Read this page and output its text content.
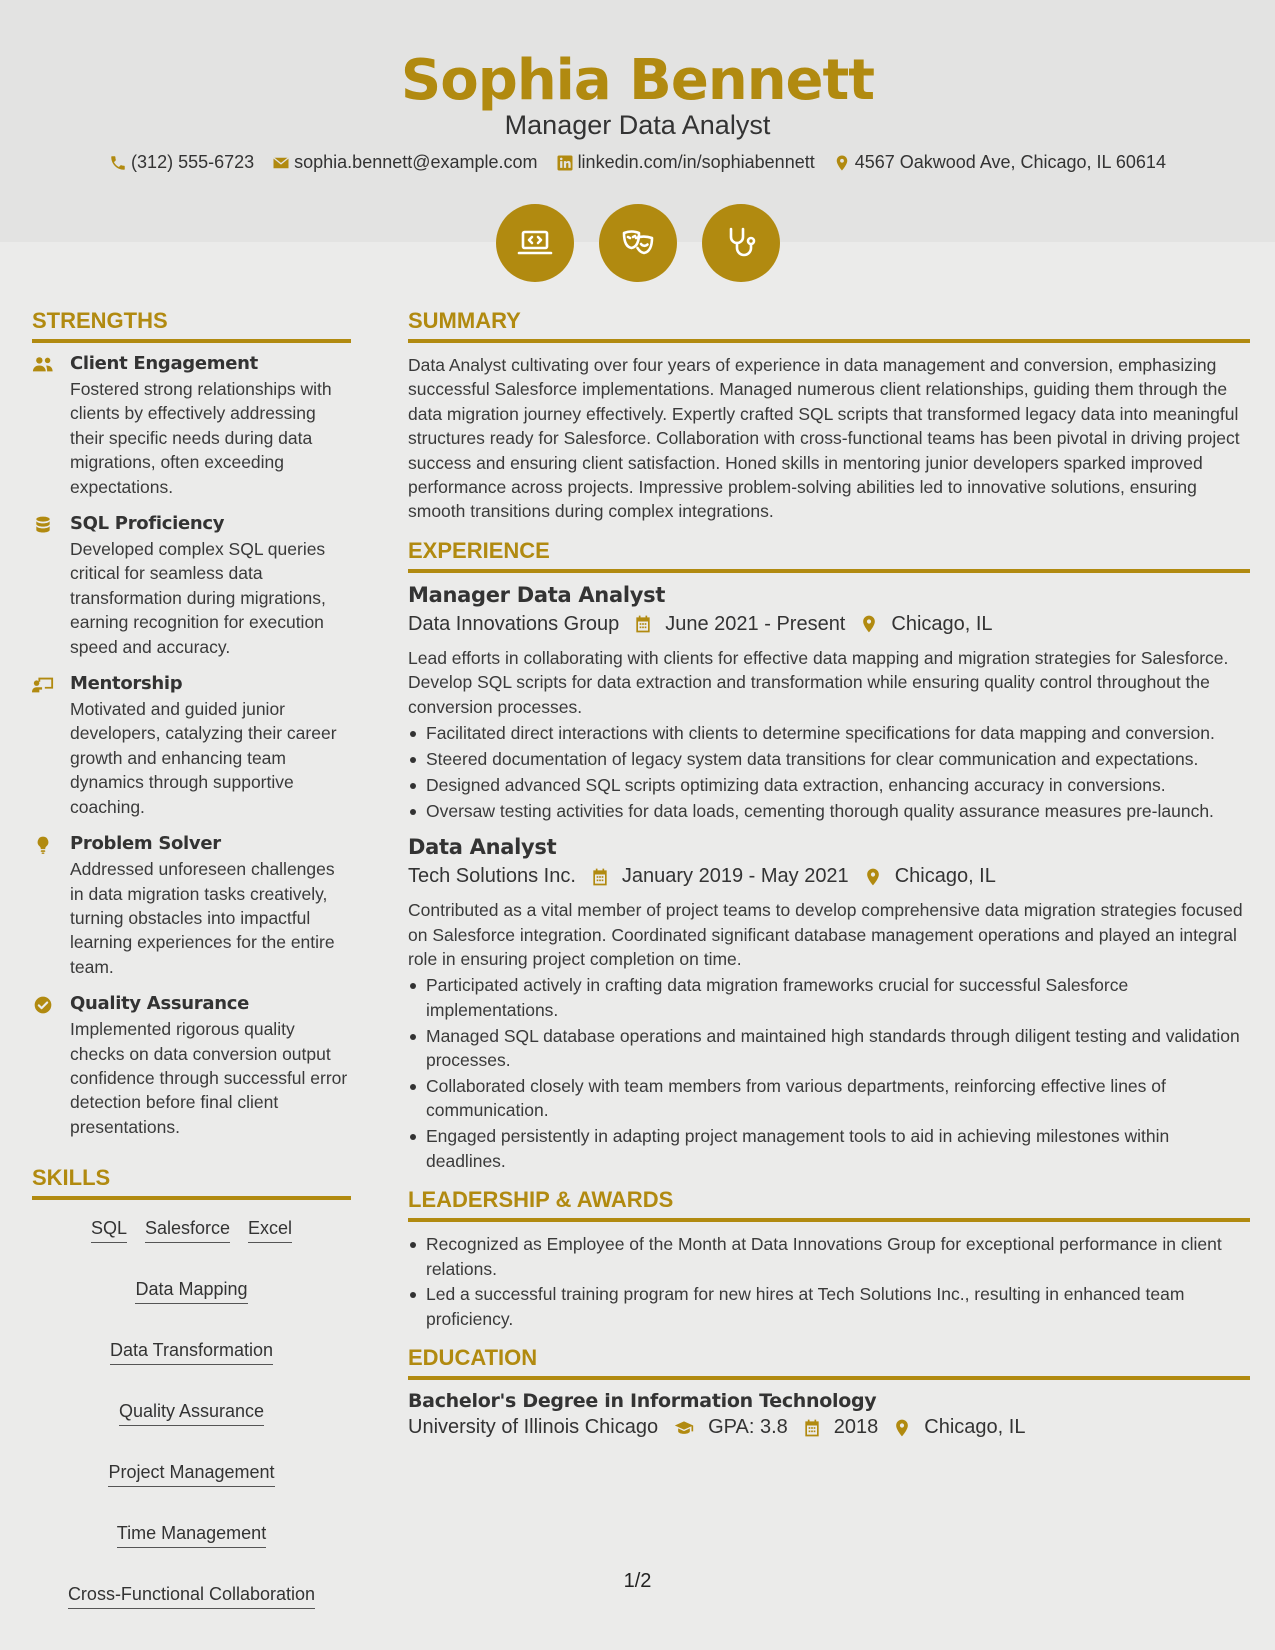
Sophia Bennett
Manager Data Analyst
(312) 555-6723 sophia.bennett@example.com linkedin.com/in/sophiabennett 4567 Oakwood Ave, Chicago, IL 60614
STRENGTHS
Client Engagement
Fostered strong relationships with clients by effectively addressing their specific needs during data migrations, often exceeding expectations.
SQL Proficiency
Developed complex SQL queries critical for seamless data transformation during migrations, earning recognition for execution speed and accuracy.
Mentorship
Motivated and guided junior developers, catalyzing their career growth and enhancing team dynamics through supportive coaching.
Problem Solver
Addressed unforeseen challenges in data migration tasks creatively, turning obstacles into impactful learning experiences for the entire team.
Quality Assurance
Implemented rigorous quality checks on data conversion output confidence through successful error detection before final client presentations.
SKILLS
SQL Salesforce Excel
Data Mapping
Data Transformation
Quality Assurance
Project Management
Time Management
Cross-Functional Collaboration
SUMMARY
Data Analyst cultivating over four years of experience in data management and conversion, emphasizing successful Salesforce implementations. Managed numerous client relationships, guiding them through the data migration journey effectively. Expertly crafted SQL scripts that transformed legacy data into meaningful structures ready for Salesforce. Collaboration with cross-functional teams has been pivotal in driving project success and ensuring client satisfaction. Honed skills in mentoring junior developers sparked improved performance across projects. Impressive problem-solving abilities led to innovative solutions, ensuring smooth transitions during complex integrations.
EXPERIENCE
Manager Data Analyst
Data Innovations Group June 2021 - Present Chicago, IL
Lead efforts in collaborating with clients for effective data mapping and migration strategies for Salesforce. Develop SQL scripts for data extraction and transformation while ensuring quality control throughout the conversion processes.
Facilitated direct interactions with clients to determine specifications for data mapping and conversion.
Steered documentation of legacy system data transitions for clear communication and expectations.
Designed advanced SQL scripts optimizing data extraction, enhancing accuracy in conversions.
Oversaw testing activities for data loads, cementing thorough quality assurance measures pre-launch.
Data Analyst
Tech Solutions Inc. January 2019 - May 2021 Chicago, IL
Contributed as a vital member of project teams to develop comprehensive data migration strategies focused on Salesforce integration. Coordinated significant database management operations and played an integral role in ensuring project completion on time.
Participated actively in crafting data migration frameworks crucial for successful Salesforce implementations.
Managed SQL database operations and maintained high standards through diligent testing and validation processes.
Collaborated closely with team members from various departments, reinforcing effective lines of communication.
Engaged persistently in adapting project management tools to aid in achieving milestones within deadlines.
LEADERSHIP & AWARDS
Recognized as Employee of the Month at Data Innovations Group for exceptional performance in client relations.
Led a successful training program for new hires at Tech Solutions Inc., resulting in enhanced team proficiency.
EDUCATION
Bachelor's Degree in Information Technology
University of Illinois Chicago	GPA: 3.8 2018 Chicago, IL
1/2
